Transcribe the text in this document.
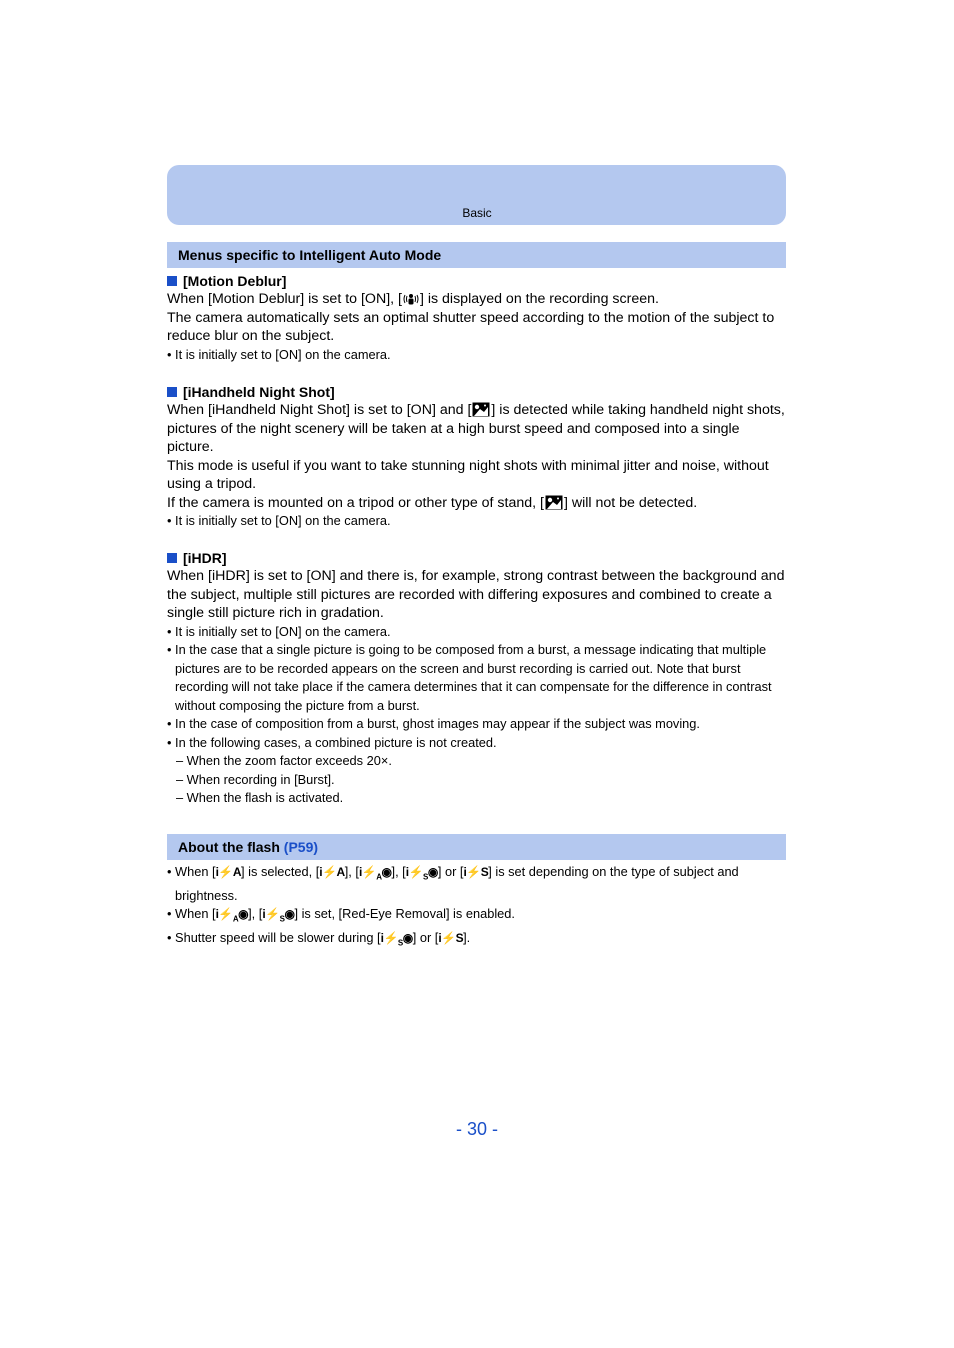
Basic
Menus specific to Intelligent Auto Mode
[Motion Deblur]

When [Motion Deblur] is set to [ON], [ ] is displayed on the recording screen.

The camera automatically sets an optimal shutter speed according to the motion of the subject to reduce blur on the subject.

• It is initially set to [ON] on the camera.

[iHandheld Night Shot]

When [iHandheld Night Shot] is set to [ON] and [ ] is detected while taking handheld night shots, pictures of the night scenery will be taken at a high burst speed and composed into a single picture.

This mode is useful if you want to take stunning night shots with minimal jitter and noise, without using a tripod.

If the camera is mounted on a tripod or other type of stand, [ ] will not be detected.

• It is initially set to [ON] on the camera.

[iHDR]

When [iHDR] is set to [ON] and there is, for example, strong contrast between the background and the subject, multiple still pictures are recorded with differing exposures and combined to create a single still picture rich in gradation.

• It is initially set to [ON] on the camera.

• In the case that a single picture is going to be composed from a burst, a message indicating that multiple pictures are to be recorded appears on the screen and burst recording is carried out. Note that burst recording will not take place if the camera determines that it can compensate for the difference in contrast without composing the picture from a burst.

• In the case of composition from a burst, ghost images may appear if the subject was moving.

• In the following cases, a combined picture is not created.

– When the zoom factor exceeds 20×.

– When recording in [Burst].

– When the flash is activated.

About the flash (P59)

• When [i⚡A] is selected, [i⚡A], $[i⚡_A◉]$, $[i⚡_S◉]$ or [i⚡S] is set depending on the type of subject and brightness.

• When $[i⚡_A◉]$, $[i⚡_S◉]$ is set, [Red-Eye Removal] is enabled.

• Shutter speed will be slower during $[i⚡_S◉]$ or [i⚡S].

- 30 -
